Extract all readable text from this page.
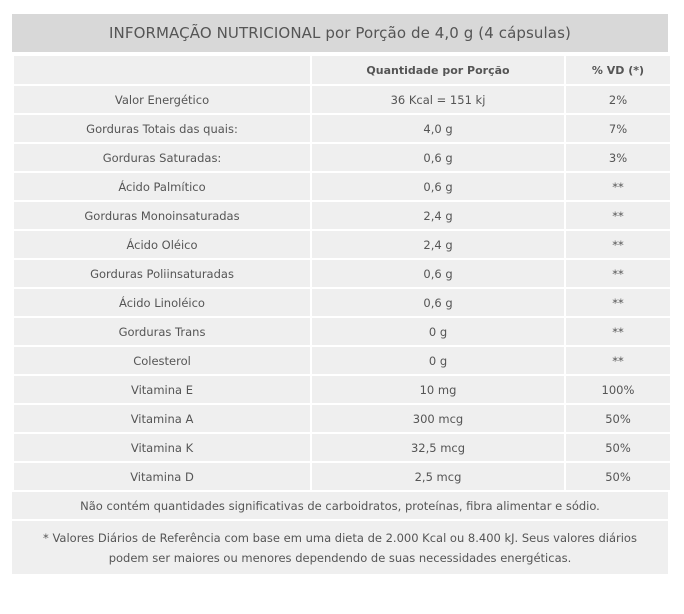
INFORMAÇÃO NUTRICIONAL por Porção de 4,0 g (4 cápsulas)
	Quantidade por Porção	% VD (*)
Valor Energético	36 Kcal = 151 kj	2%
Gorduras Totais das quais:	4,0 g	7%
Gorduras Saturadas:	0,6 g	3%
Ácido Palmítico	0,6 g	**
Gorduras Monoinsaturadas	2,4 g	**
Ácido Oléico	2,4 g	**
Gorduras Poliinsaturadas	0,6 g	**
Ácido Linoléico	0,6 g	**
Gorduras Trans	0 g	**
Colesterol	0 g	**
Vitamina E	10 mg	100%
Vitamina A	300 mcg	50%
Vitamina K	32,5 mcg	50%
Vitamina D	2,5 mcg	50%
Não contém quantidades significativas de carboidratos, proteínas, fibra alimentar e sódio.
* Valores Diários de Referência com base em uma dieta de 2.000 Kcal ou 8.400 kJ. Seus valores diários podem ser maiores ou menores dependendo de suas necessidades energéticas.
